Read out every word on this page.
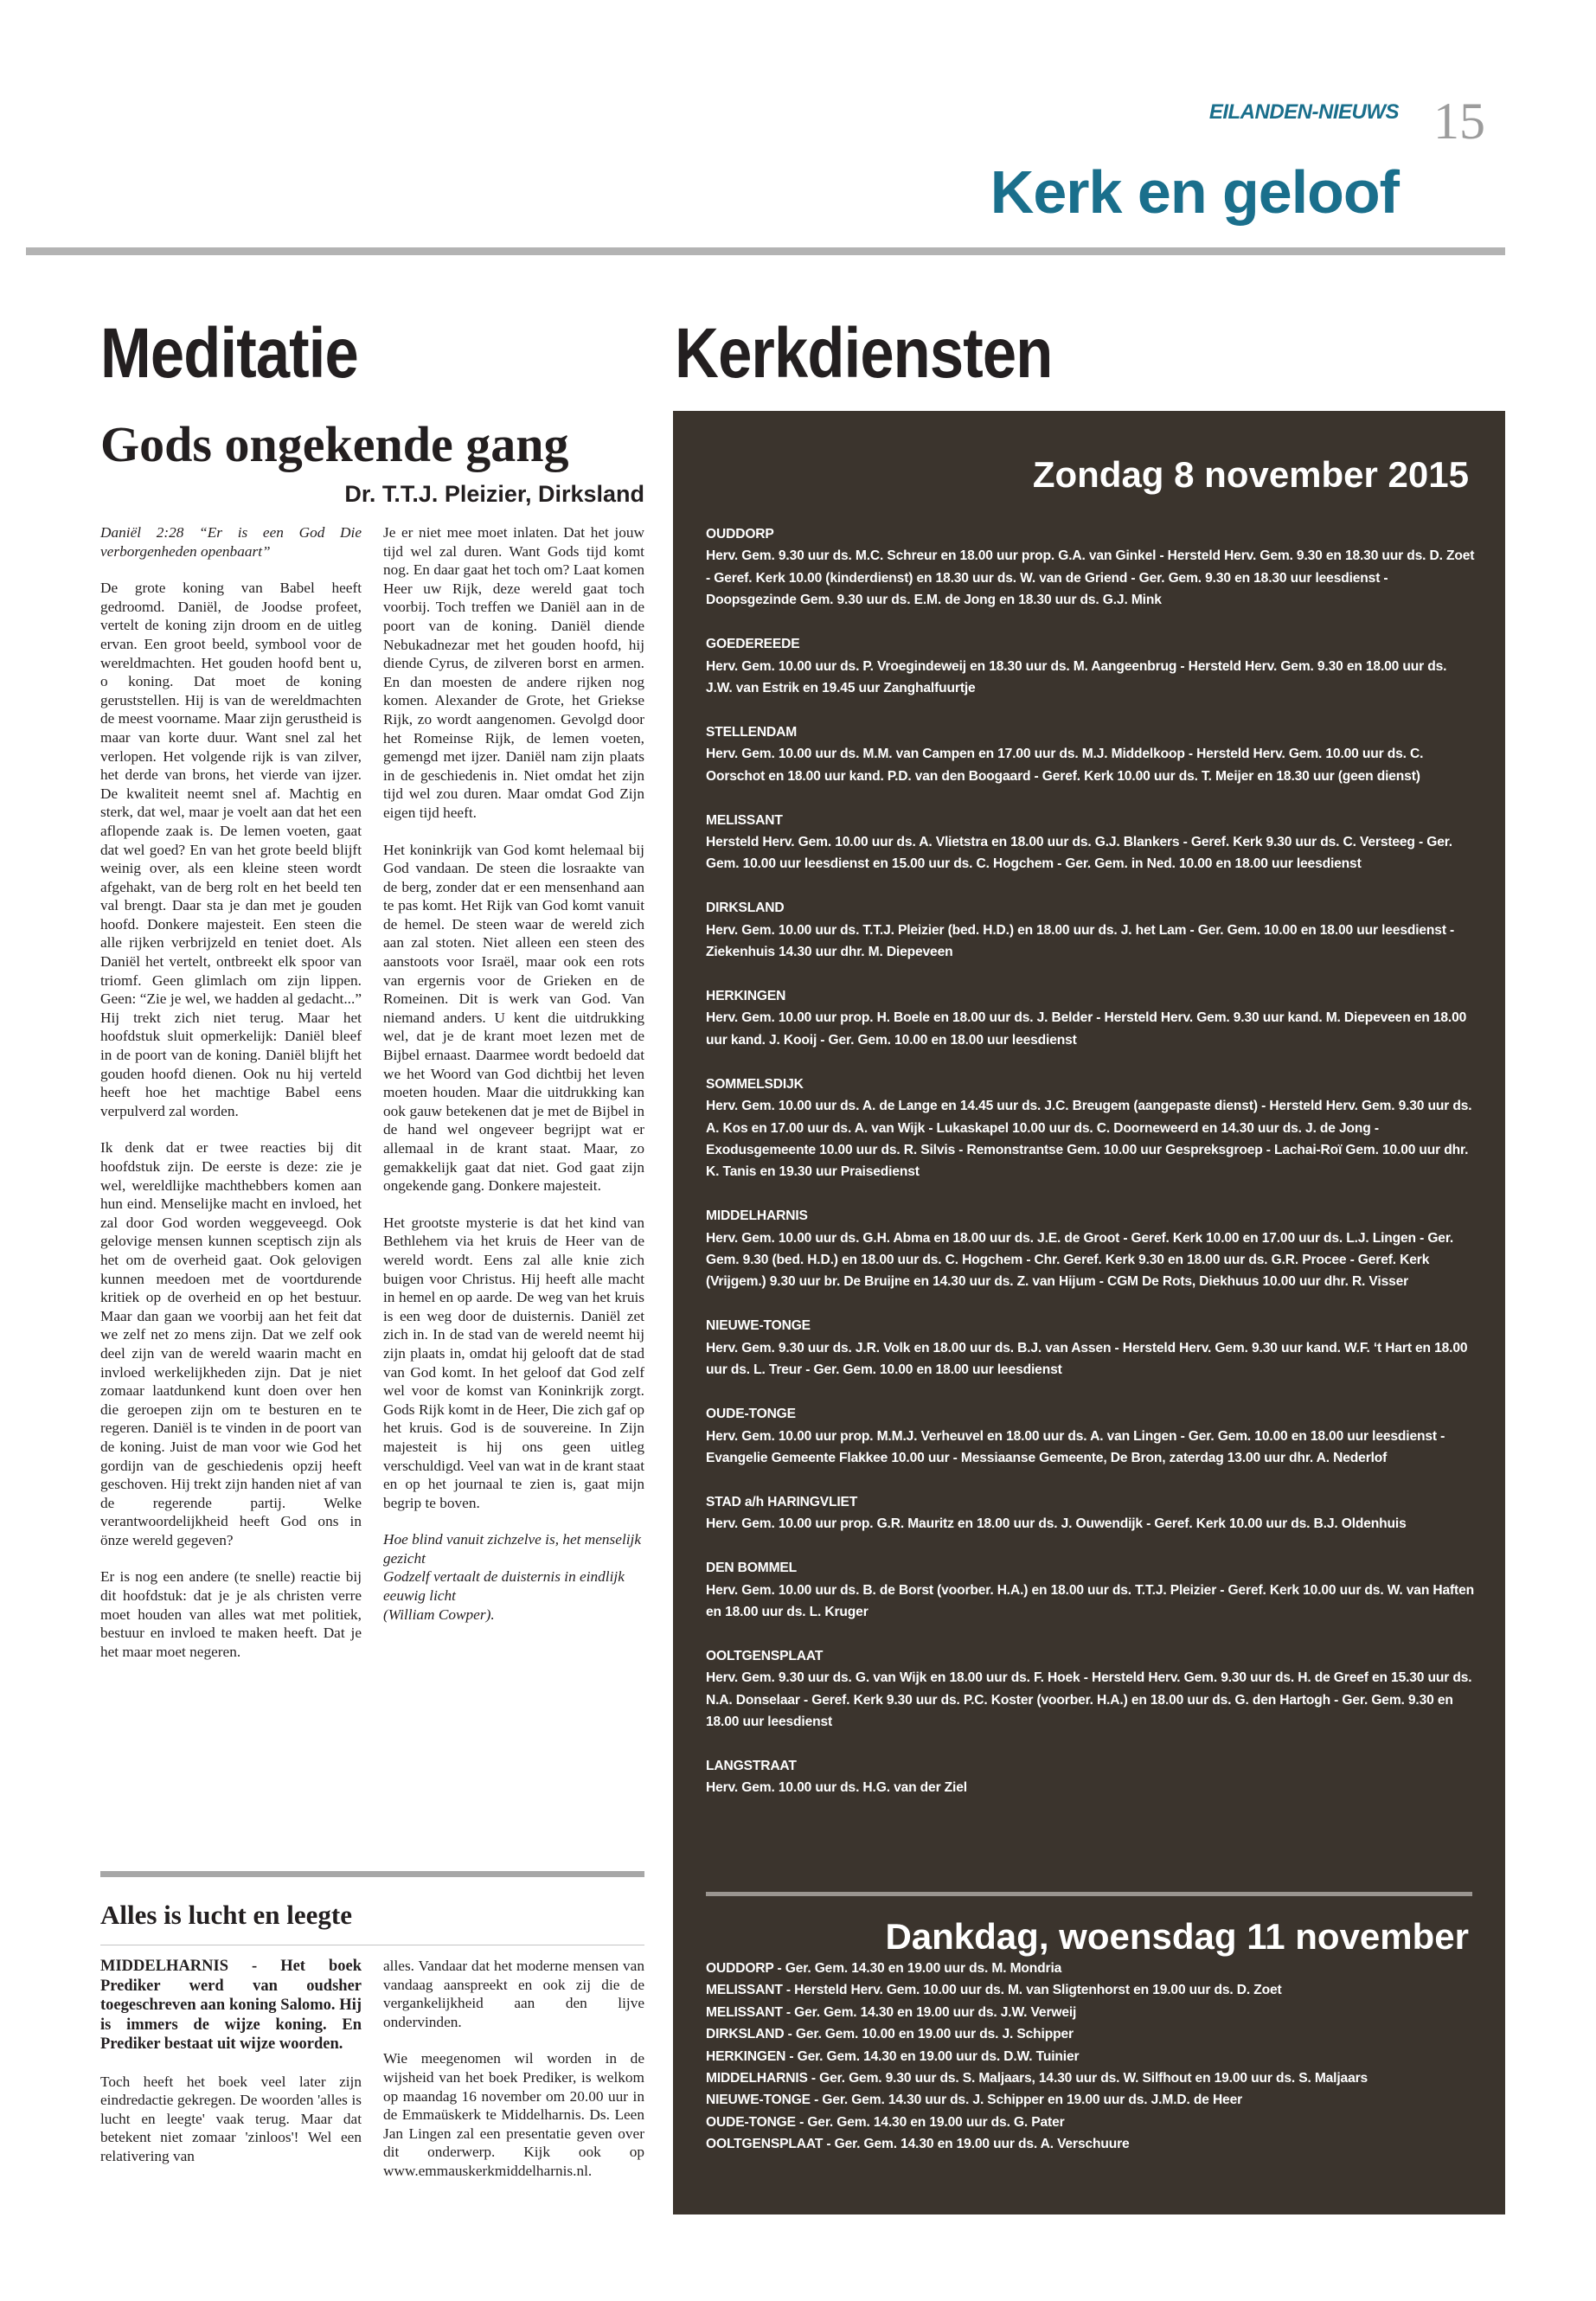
EILANDEN-NIEUWS 15
Kerk en geloof
Meditatie	Kerkdiensten
Gods ongekende gang
Dr. T.T.J. Pleizier, Dirksland

Daniël 2:28 “Er is een God Die verborgenheden openbaart”

De grote koning van Babel heeft gedroomd. Daniël, de Joodse profeet, vertelt de koning zijn droom en de uitleg ervan. Een groot beeld, symbool voor de wereldmachten. Het gouden hoofd bent u, o koning. Dat moet de koning geruststellen. Hij is van de wereldmachten de meest voorname. Maar zijn gerustheid is maar van korte duur. Want snel zal het verlopen. Het volgende rijk is van zilver, het derde van brons, het vierde van ijzer. De kwaliteit neemt snel af. Machtig en sterk, dat wel, maar je voelt aan dat het een aflopende zaak is. De lemen voeten, gaat dat wel goed? En van het grote beeld blijft weinig over, als een kleine steen wordt afgehakt, van de berg rolt en het beeld ten val brengt. Daar sta je dan met je gouden hoofd. Donkere majesteit. Een steen die alle rijken verbrijzeld en teniet doet. Als Daniël het vertelt, ontbreekt elk spoor van triomf. Geen glimlach om zijn lippen. Geen: “Zie je wel, we hadden al gedacht...” Hij trekt zich niet terug. Maar het hoofdstuk sluit opmerkelijk: Daniël bleef in de poort van de koning. Daniël blijft het gouden hoofd dienen. Ook nu hij verteld heeft hoe het machtige Babel eens verpulverd zal worden.

Ik denk dat er twee reacties bij dit hoofdstuk zijn. De eerste is deze: zie je wel, wereldlijke machthebbers komen aan hun eind. Menselijke macht en invloed, het zal door God worden weggeveegd. Ook gelovige mensen kunnen sceptisch zijn als het om de overheid gaat. Ook gelovigen kunnen meedoen met de voortdurende kritiek op de overheid en op het bestuur. Maar dan gaan we voorbij aan het feit dat we zelf net zo mens zijn. Dat we zelf ook deel zijn van de wereld waarin macht en invloed werkelijkheden zijn. Dat je niet zomaar laatdunkend kunt doen over hen die geroepen zijn om te besturen en te regeren. Daniël is te vinden in de poort van de koning. Juist de man voor wie God het gordijn van de geschiedenis opzij heeft geschoven. Hij trekt zijn handen niet af van de regerende partij. Welke verantwoordelijkheid heeft God ons in önze wereld gegeven?

Er is nog een andere (te snelle) reactie bij dit hoofdstuk: dat je je als christen verre moet houden van alles wat met politiek, bestuur en invloed te maken heeft. Dat je het maar moet negeren.

Je er niet mee moet inlaten. Dat het jouw tijd wel zal duren. Want Gods tijd komt nog. En daar gaat het toch om? Laat komen Heer uw Rijk, deze wereld gaat toch voorbij. Toch treffen we Daniël aan in de poort van de koning. Daniël diende Nebukadnezar met het gouden hoofd, hij diende Cyrus, de zilveren borst en armen. En dan moesten de andere rijken nog komen. Alexander de Grote, het Griekse Rijk, zo wordt aangenomen. Gevolgd door het Romeinse Rijk, de lemen voeten, gemengd met ijzer. Daniël nam zijn plaats in de geschiedenis in. Niet omdat het zijn tijd wel zou duren. Maar omdat God Zijn eigen tijd heeft.

Het koninkrijk van God komt helemaal bij God vandaan. De steen die losraakte van de berg, zonder dat er een mensenhand aan te pas komt. Het Rijk van God komt vanuit de hemel. De steen waar de wereld zich aan zal stoten. Niet alleen een steen des aanstoots voor Israël, maar ook een rots van ergernis voor de Grieken en de Romeinen. Dit is werk van God. Van niemand anders. U kent die uitdrukking wel, dat je de krant moet lezen met de Bijbel ernaast. Daarmee wordt bedoeld dat we het Woord van God dichtbij het leven moeten houden. Maar die uitdrukking kan ook gauw betekenen dat je met de Bijbel in de hand wel ongeveer begrijpt wat er allemaal in de krant staat. Maar, zo gemakkelijk gaat dat niet. God gaat zijn ongekende gang. Donkere majesteit.

Het grootste mysterie is dat het kind van Bethlehem via het kruis de Heer van de wereld wordt. Eens zal alle knie zich buigen voor Christus. Hij heeft alle macht in hemel en op aarde. De weg van het kruis is een weg door de duisternis. Daniël zet zich in. In de stad van de wereld neemt hij zijn plaats in, omdat hij gelooft dat de stad van God komt. In het geloof dat God zelf wel voor de komst van Koninkrijk zorgt. Gods Rijk komt in de Heer, Die zich gaf op het kruis. God is de souvereine. In Zijn majesteit is hij ons geen uitleg verschuldigd. Veel van wat in de krant staat en op het journaal te zien is, gaat mijn begrip te boven.

Hoe blind vanuit zichzelve is, het menselijk gezicht
Godzelf vertaalt de duisternis in eindlijk eeuwig licht
(William Cowper).

Alles is lucht en leegte

MIDDELHARNIS - Het boek Prediker werd van oudsher toegeschreven aan koning Salomo. Hij is immers de wijze koning. En Prediker bestaat uit wijze woorden.

Toch heeft het boek veel later zijn eindredactie gekregen. De woorden 'alles is lucht en leegte' vaak terug. Maar dat betekent niet zomaar 'zinloos'! Wel een relativering van

alles. Vandaar dat het moderne mensen van vandaag aanspreekt en ook zij die de vergankelijkheid aan den lijve ondervinden.

Wie meegenomen wil worden in de wijsheid van het boek Prediker, is welkom op maandag 16 november om 20.00 uur in de Emmaüskerk te Middelharnis. Ds. Leen Jan Lingen zal een presentatie geven over dit onderwerp. Kijk ook op www.emmauskerkmiddelharnis.nl.

Zondag 8 november 2015
OUDDORP
Herv. Gem. 9.30 uur ds. M.C. Schreur en 18.00 uur prop. G.A. van Ginkel - Hersteld Herv. Gem. 9.30 en 18.30 uur ds. D. Zoet - Geref. Kerk 10.00 (kinderdienst) en 18.30 uur ds. W. van de Griend - Ger. Gem. 9.30 en 18.30 uur leesdienst - Doopsgezinde Gem. 9.30 uur ds. E.M. de Jong en 18.30 uur ds. G.J. Mink
GOEDEREEDE
Herv. Gem. 10.00 uur ds. P. Vroegindeweij en 18.30 uur ds. M. Aangeenbrug - Hersteld Herv. Gem. 9.30 en 18.00 uur ds. J.W. van Estrik en 19.45 uur Zanghalfuurtje
STELLENDAM
Herv. Gem. 10.00 uur ds. M.M. van Campen en 17.00 uur ds. M.J. Middelkoop - Hersteld Herv. Gem. 10.00 uur ds. C. Oorschot en 18.00 uur kand. P.D. van den Boogaard - Geref. Kerk 10.00 uur ds. T. Meijer en 18.30 uur (geen dienst)
MELISSANT
Hersteld Herv. Gem. 10.00 uur ds. A. Vlietstra en 18.00 uur ds. G.J. Blankers - Geref. Kerk 9.30 uur ds. C. Versteeg - Ger. Gem. 10.00 uur leesdienst en 15.00 uur ds. C. Hogchem - Ger. Gem. in Ned. 10.00 en 18.00 uur leesdienst
DIRKSLAND
Herv. Gem. 10.00 uur ds. T.T.J. Pleizier (bed. H.D.) en 18.00 uur ds. J. het Lam - Ger. Gem. 10.00 en 18.00 uur leesdienst - Ziekenhuis 14.30 uur dhr. M. Diepeveen
HERKINGEN
Herv. Gem. 10.00 uur prop. H. Boele en 18.00 uur ds. J. Belder - Hersteld Herv. Gem. 9.30 uur kand. M. Diepeveen en 18.00 uur kand. J. Kooij - Ger. Gem. 10.00 en 18.00 uur leesdienst
SOMMELSDIJK
Herv. Gem. 10.00 uur ds. A. de Lange en 14.45 uur ds. J.C. Breugem (aangepaste dienst) - Hersteld Herv. Gem. 9.30 uur ds. A. Kos en 17.00 uur ds. A. van Wijk - Lukaskapel 10.00 uur ds. C. Doorneweerd en 14.30 uur ds. J. de Jong - Exodusgemeente 10.00 uur ds. R. Silvis - Remonstrantse Gem. 10.00 uur Gespreksgroep - Lachai-Roï Gem. 10.00 uur dhr. K. Tanis en 19.30 uur Praisedienst
MIDDELHARNIS
Herv. Gem. 10.00 uur ds. G.H. Abma en 18.00 uur ds. J.E. de Groot - Geref. Kerk 10.00 en 17.00 uur ds. L.J. Lingen - Ger. Gem. 9.30 (bed. H.D.) en 18.00 uur ds. C. Hogchem - Chr. Geref. Kerk 9.30 en 18.00 uur ds. G.R. Procee - Geref. Kerk (Vrijgem.) 9.30 uur br. De Bruijne en 14.30 uur ds. Z. van Hijum - CGM De Rots, Diekhuus 10.00 uur dhr. R. Visser
NIEUWE-TONGE
Herv. Gem. 9.30 uur ds. J.R. Volk en 18.00 uur ds. B.J. van Assen - Hersteld Herv. Gem. 9.30 uur kand. W.F. ‘t Hart en 18.00 uur ds. L. Treur - Ger. Gem. 10.00 en 18.00 uur leesdienst
OUDE-TONGE
Herv. Gem. 10.00 uur prop. M.M.J. Verheuvel en 18.00 uur ds. A. van Lingen - Ger. Gem. 10.00 en 18.00 uur leesdienst - Evangelie Gemeente Flakkee 10.00 uur - Messiaanse Gemeente, De Bron, zaterdag 13.00 uur dhr. A. Nederlof
STAD a/h HARINGVLIET
Herv. Gem. 10.00 uur prop. G.R. Mauritz en 18.00 uur ds. J. Ouwendijk - Geref. Kerk 10.00 uur ds. B.J. Oldenhuis
DEN BOMMEL
Herv. Gem. 10.00 uur ds. B. de Borst (voorber. H.A.) en 18.00 uur ds. T.T.J. Pleizier - Geref. Kerk 10.00 uur ds. W. van Haften en 18.00 uur ds. L. Kruger
OOLTGENSPLAAT
Herv. Gem. 9.30 uur ds. G. van Wijk en 18.00 uur ds. F. Hoek - Hersteld Herv. Gem. 9.30 uur ds. H. de Greef en 15.30 uur ds. N.A. Donselaar - Geref. Kerk 9.30 uur ds. P.C. Koster (voorber. H.A.) en 18.00 uur ds. G. den Hartogh - Ger. Gem. 9.30 en 18.00 uur leesdienst
LANGSTRAAT
Herv. Gem. 10.00 uur ds. H.G. van der Ziel
Dankdag, woensdag 11 november
OUDDORP - Ger. Gem. 14.30 en 19.00 uur ds. M. Mondria
MELISSANT - Hersteld Herv. Gem. 10.00 uur ds. M. van Sligtenhorst en 19.00 uur ds. D. Zoet
MELISSANT - Ger. Gem. 14.30 en 19.00 uur ds. J.W. Verweij
DIRKSLAND - Ger. Gem. 10.00 en 19.00 uur ds. J. Schipper
HERKINGEN - Ger. Gem. 14.30 en 19.00 uur ds. D.W. Tuinier
MIDDELHARNIS - Ger. Gem. 9.30 uur ds. S. Maljaars, 14.30 uur ds. W. Silfhout en 19.00 uur ds. S. Maljaars
NIEUWE-TONGE - Ger. Gem. 14.30 uur ds. J. Schipper en 19.00 uur ds. J.M.D. de Heer
OUDE-TONGE - Ger. Gem. 14.30 en 19.00 uur ds. G. Pater
OOLTGENSPLAAT - Ger. Gem. 14.30 en 19.00 uur ds. A. Verschuure
